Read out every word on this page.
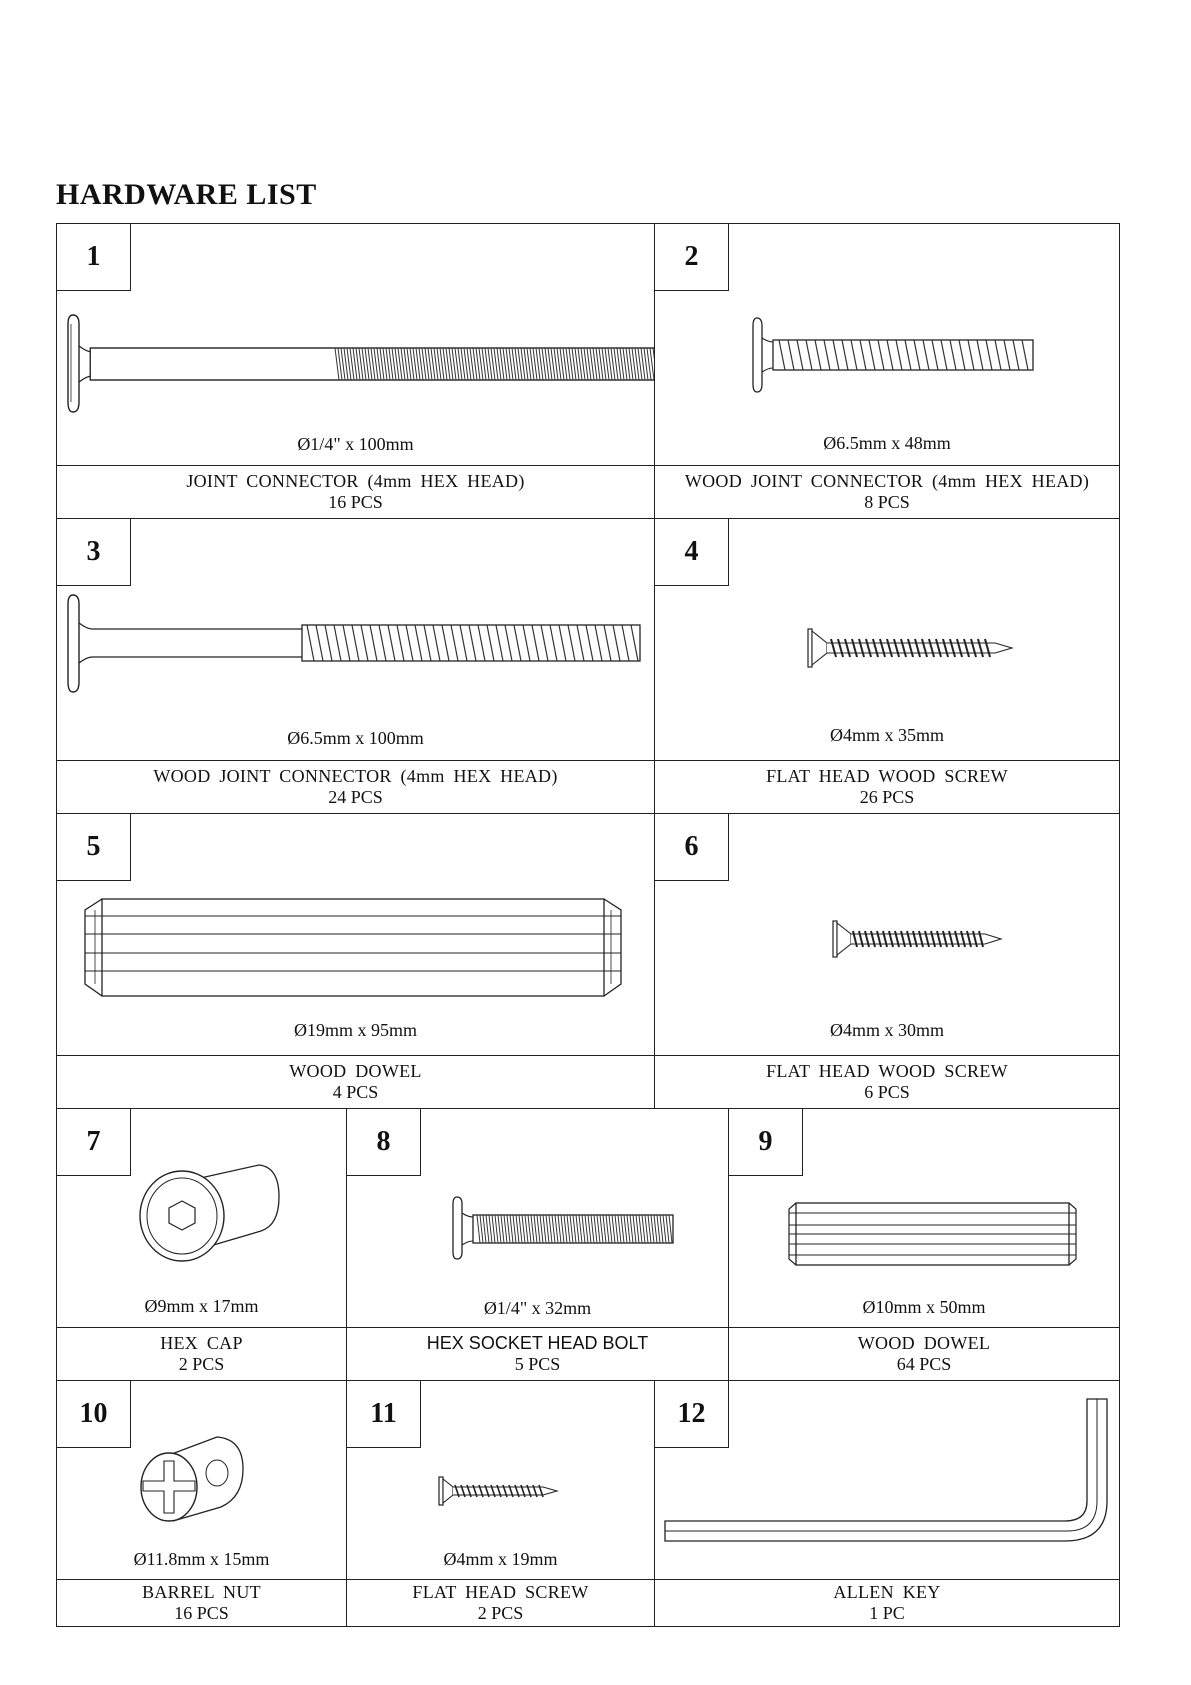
HARDWARE LIST
1
Ø1/4" x 100mm
2
Ø6.5mm x 48mm
JOINT CONNECTOR (4mm HEX HEAD)
16 PCS
WOOD JOINT CONNECTOR (4mm HEX HEAD)
8 PCS
3
Ø6.5mm x 100mm
4
Ø4mm x 35mm
WOOD JOINT CONNECTOR (4mm HEX HEAD)
24 PCS
FLAT HEAD WOOD SCREW
26 PCS
5
Ø19mm x 95mm
6
Ø4mm x 30mm
WOOD DOWEL
4 PCS
FLAT HEAD WOOD SCREW
6 PCS
7
Ø9mm x 17mm
8
Ø1/4" x 32mm
9
Ø10mm x 50mm
HEX CAP
2 PCS
HEX SOCKET HEAD BOLT
5 PCS
WOOD DOWEL
64 PCS
10
Ø11.8mm x 15mm
11
Ø4mm x 19mm
12
BARREL NUT
16 PCS
FLAT HEAD SCREW
2 PCS
ALLEN KEY
1 PC
